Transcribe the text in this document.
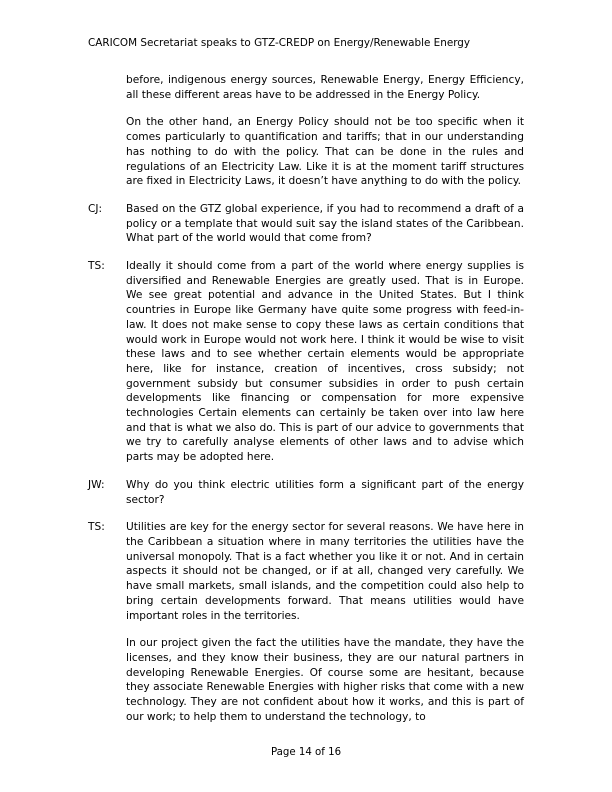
CARICOM Secretariat speaks to GTZ-CREDP on Energy/Renewable Energy

before, indigenous energy sources, Renewable Energy, Energy Efficiency, all these different areas have to be addressed in the Energy Policy.

On the other hand, an Energy Policy should not be too specific when it comes particularly to quantification and tariffs; that in our understanding has nothing to do with the policy. That can be done in the rules and regulations of an Electricity Law. Like it is at the moment tariff structures are fixed in Electricity Laws, it doesn’t have anything to do with the policy.

CJ:	Based on the GTZ global experience, if you had to recommend a draft of a policy or a template that would suit say the island states of the Caribbean. What part of the world would that come from?
TS:	Ideally it should come from a part of the world where energy supplies is diversified and Renewable Energies are greatly used. That is in Europe. We see great potential and advance in the United States. But I think countries in Europe like Germany have quite some progress with feed-in-law. It does not make sense to copy these laws as certain conditions that would work in Europe would not work here. I think it would be wise to visit these laws and to see whether certain elements would be appropriate here, like for instance, creation of incentives, cross subsidy; not government subsidy but consumer subsidies in order to push certain developments like financing or compensation for more expensive technologies Certain elements can certainly be taken over into law here and that is what we also do. This is part of our advice to governments that we try to carefully analyse elements of other laws and to advise which parts may be adopted here.
JW:	Why do you think electric utilities form a significant part of the energy sector?
TS:	Utilities are key for the energy sector for several reasons. We have here in the Caribbean a situation where in many territories the utilities have the universal monopoly. That is a fact whether you like it or not. And in certain aspects it should not be changed, or if at all, changed very carefully. We have small markets, small islands, and the competition could also help to bring certain developments forward. That means utilities would have important roles in the territories.

In our project given the fact the utilities have the mandate, they have the licenses, and they know their business, they are our natural partners in developing Renewable Energies. Of course some are hesitant, because they associate Renewable Energies with higher risks that come with a new technology. They are not confident about how it works, and this is part of our work; to help them to understand the technology, to

Page 14 of 16
